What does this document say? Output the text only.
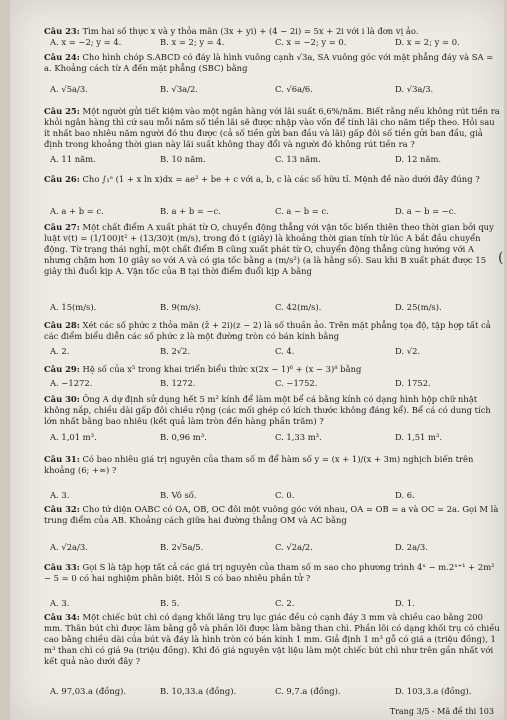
Câu 23: Tìm hai số thực x và y thỏa mãn (3x + yi) + (4 − 2i) = 5x + 2i với i là đơn vị ảo.
A. x = −2; y = 4.	B. x = 2; y = 4.	C. x = −2; y = 0.	D. x = 2; y = 0.
Câu 24: Cho hình chóp S.ABCD có đáy là hình vuông cạnh √3a, SA vuông góc với mặt phẳng đáy và SA = a. Khoảng cách từ A đến mặt phẳng (SBC) bằng
A. √5a/3.	B. √3a/2.	C. √6a/6.	D. √3a/3.
Câu 25: Một người gửi tiết kiệm vào một ngân hàng với lãi suất 6,6%/năm. Biết rằng nếu không rút tiền ra khỏi ngân hàng thì cứ sau mỗi năm số tiền lãi sẽ được nhập vào vốn để tính lãi cho năm tiếp theo. Hỏi sau ít nhất bao nhiêu năm người đó thu được (cả số tiền gửi ban đầu và lãi) gấp đôi số tiền gửi ban đầu, giả định trong khoảng thời gian này lãi suất không thay đổi và người đó không rút tiền ra ?
A. 11 năm.	B. 10 năm.	C. 13 năm.	D. 12 năm.
Câu 26: Cho ∫₁ᵉ (1 + x ln x)dx = ae² + be + c với a, b, c là các số hữu tỉ. Mệnh đề nào dưới đây đúng ?
A. a + b = c.	B. a + b = −c.	C. a − b = c.	D. a − b = −c.
Câu 27: Một chất điểm A xuất phát từ O, chuyển động thẳng với vận tốc biến thiên theo thời gian bởi quy luật v(t) = (1/100)t² + (13/30)t (m/s), trong đó t (giây) là khoảng thời gian tính từ lúc A bắt đầu chuyển động. Từ trạng thái nghỉ, một chất điểm B cũng xuất phát từ O, chuyển động thẳng cùng hướng với A nhưng chậm hơn 10 giây so với A và có gia tốc bằng a (m/s²) (a là hằng số). Sau khi B xuất phát được 15 giây thì đuổi kịp A. Vận tốc của B tại thời điểm đuổi kịp A bằng
A. 15(m/s).	B. 9(m/s).	C. 42(m/s).	D. 25(m/s).
Câu 28: Xét các số phức z thỏa mãn (z̄ + 2i)(z − 2) là số thuần ảo. Trên mặt phẳng tọa độ, tập hợp tất cả các điểm biểu diễn các số phức z là một đường tròn có bán kính bằng
A. 2.	B. 2√2.	C. 4.	D. √2.
Câu 29: Hệ số của x⁵ trong khai triển biểu thức x(2x − 1)⁶ + (x − 3)⁸ bằng
A. −1272.	B. 1272.	C. −1752.	D. 1752.
Câu 30: Ông A dự định sử dụng hết 5 m² kính để làm một bể cá bằng kính có dạng hình hộp chữ nhật không nắp, chiều dài gấp đôi chiều rộng (các mối ghép có kích thước không đáng kể). Bể cá có dung tích lớn nhất bằng bao nhiêu (kết quả làm tròn đến hàng phần trăm) ?
A. 1,01 m³.	B. 0,96 m³.	C. 1,33 m³.	D. 1,51 m³.
Câu 31: Có bao nhiêu giá trị nguyên của tham số m để hàm số y = (x + 1)/(x + 3m) nghịch biến trên khoảng (6; +∞) ?
A. 3.	B. Vô số.	C. 0.	D. 6.
Câu 32: Cho tứ diện OABC có OA, OB, OC đôi một vuông góc với nhau, OA = OB = a và OC = 2a. Gọi M là trung điểm của AB. Khoảng cách giữa hai đường thẳng OM và AC bằng
A. √2a/3.	B. 2√5a/5.	C. √2a/2.	D. 2a/3.
Câu 33: Gọi S là tập hợp tất cả các giá trị nguyên của tham số m sao cho phương trình 4ˣ − m.2ˣ⁺¹ + 2m² − 5 = 0 có hai nghiệm phân biệt. Hỏi S có bao nhiêu phần tử ?
A. 3.	B. 5.	C. 2.	D. 1.
Câu 34: Một chiếc bút chì có dạng khối lăng trụ lục giác đều có cạnh đáy 3 mm và chiều cao bằng 200 mm. Thân bút chì được làm bằng gỗ và phần lõi được làm bằng than chì. Phần lõi có dạng khối trụ có chiều cao bằng chiều dài của bút và đáy là hình tròn có bán kính 1 mm. Giả định 1 m³ gỗ có giá a (triệu đồng), 1 m³ than chì có giá 9a (triệu đồng). Khi đó giá nguyên vật liệu làm một chiếc bút chì như trên gần nhất với kết quả nào dưới đây ?
A. 97,03.a (đồng).	B. 10,33.a (đồng).	C. 9,7.a (đồng).	D. 103,3.a (đồng).
(
Trang 3/5 - Mã đề thi 103
